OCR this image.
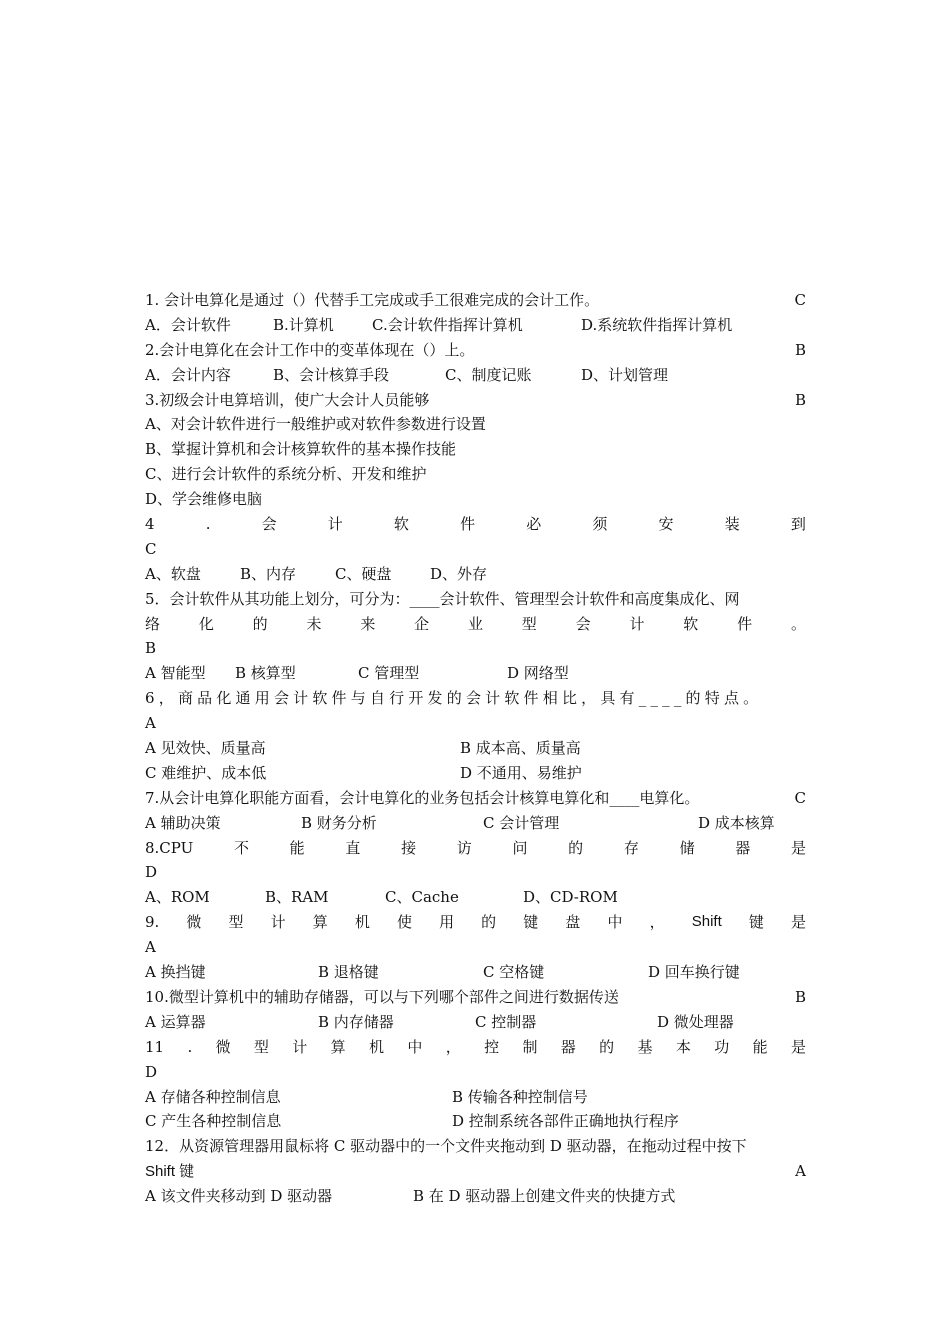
1. 会计电算化是通过（）代替手工完成或手工很难完成的会计工作。	C
A．会计软件	B.计算机	C.会计软件指挥计算机	D.系统软件指挥计算机
2.会计电算化在会计工作中的变革体现在（）上。	B
A．会计内容	B、会计核算手段	C、制度记账	D、计划管理
3.初级会计电算培训，使广大会计人员能够	B
A、对会计软件进行一般维护或对软件参数进行设置
B、掌握计算机和会计核算软件的基本操作技能
C、进行会计软件的系统分析、开发和维护
D、学会维修电脑
4	.	会	计	软	件	必	须	安	装	到
C
A、软盘	B、内存	C、硬盘	D、外存
5．会计软件从其功能上划分，可分为：____会计软件、管理型会计软件和高度集成化、网
络	化	的	未	来	企	业	型	会	计	软	件	。
B
A 智能型 B 核算型	C 管理型	D 网络型
6，商品化通用会计软件与自行开发的会计软件相比，具有____的特点。
A
A 见效快、质量高	B 成本高、质量高
C 难维护、成本低	D 不通用、易维护
7.从会计电算化职能方面看，会计电算化的业务包括会计核算电算化和____电算化。	C
A 辅助决策	B 财务分析	C 会计管理	D 成本核算
8.CPU	不	能	直	接	访	问	的	存	储	器	是
D
A、ROM	B、RAM	C、Cache	D、CD-ROM
9. 微 型 计 算 机 使 用 的 键 盘 中 ， Shift 键 是
A
A 换挡键	B 退格键	C 空格键	D 回车换行键
10.微型计算机中的辅助存储器，可以与下列哪个部件之间进行数据传送	B
A 运算器	B 内存储器	C 控制器	D 微处理器
11 . 微 型 计 算 机 中 ， 控 制 器 的 基 本 功 能 是
D
A 存储各种控制信息	B 传输各种控制信号
C 产生各种控制信息	D 控制系统各部件正确地执行程序
12．从资源管理器用鼠标将 C 驱动器中的一个文件夹拖动到 D 驱动器，在拖动过程中按下
Shift 键	A
A 该文件夹移动到 D 驱动器	B 在 D 驱动器上创建文件夹的快捷方式
